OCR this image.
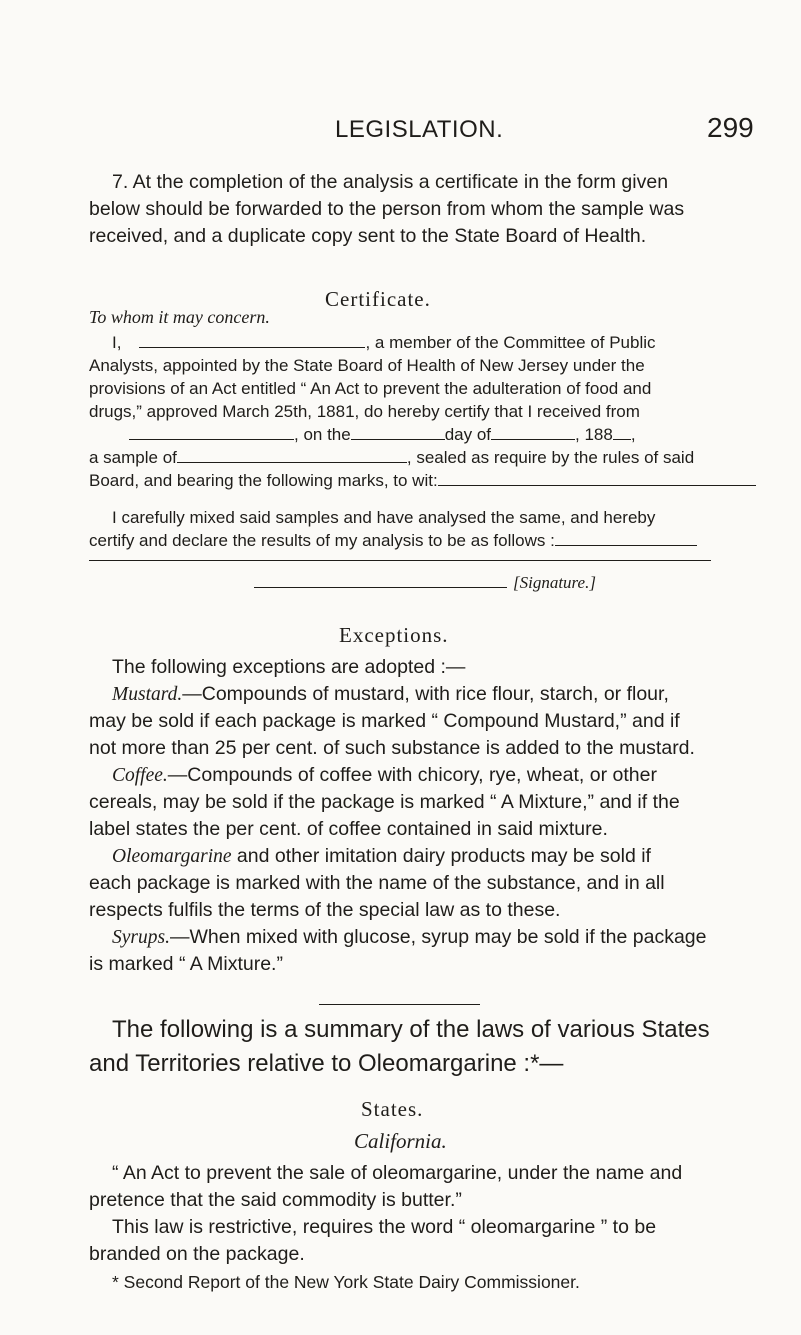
LEGISLATION.	299
7. At the completion of the analysis a certificate in the form given
below should be forwarded to the person from whom the sample was
received, and a duplicate copy sent to the State Board of Health.
Certificate.
To whom it may concern.
I,	, a member of the Committee of Public
Analysts, appointed by the State Board of Health of New Jersey under the
provisions of an Act entitled “ An Act to prevent the adulteration of food and
drugs,” approved March 25th, 1881, do hereby certify that I received from
, on the	day of	, 188 ,
a sample of	, sealed as require by the rules of said
Board, and bearing the following marks, to wit:
I carefully mixed said samples and have analysed the same, and hereby
certify and declare the results of my analysis to be as follows :
[Signature.]
Exceptions.
The following exceptions are adopted :—
Mustard.—Compounds of mustard, with rice flour, starch, or flour,
may be sold if each package is marked “ Compound Mustard,” and if
not more than 25 per cent. of such substance is added to the mustard.
Coffee.—Compounds of coffee with chicory, rye, wheat, or other
cereals, may be sold if the package is marked “ A Mixture,” and if the
label states the per cent. of coffee contained in said mixture.
Oleomargarine and other imitation dairy products may be sold if
each package is marked with the name of the substance, and in all
respects fulfils the terms of the special law as to these.
Syrups.—When mixed with glucose, syrup may be sold if the package
is marked “ A Mixture.”
The following is a summary of the laws of various States
and Territories relative to Oleomargarine :*—
States.
California.
“ An Act to prevent the sale of oleomargarine, under the name and
pretence that the said commodity is butter.”
This law is restrictive, requires the word “ oleomargarine ” to be
branded on the package.
* Second Report of the New York State Dairy Commissioner.
